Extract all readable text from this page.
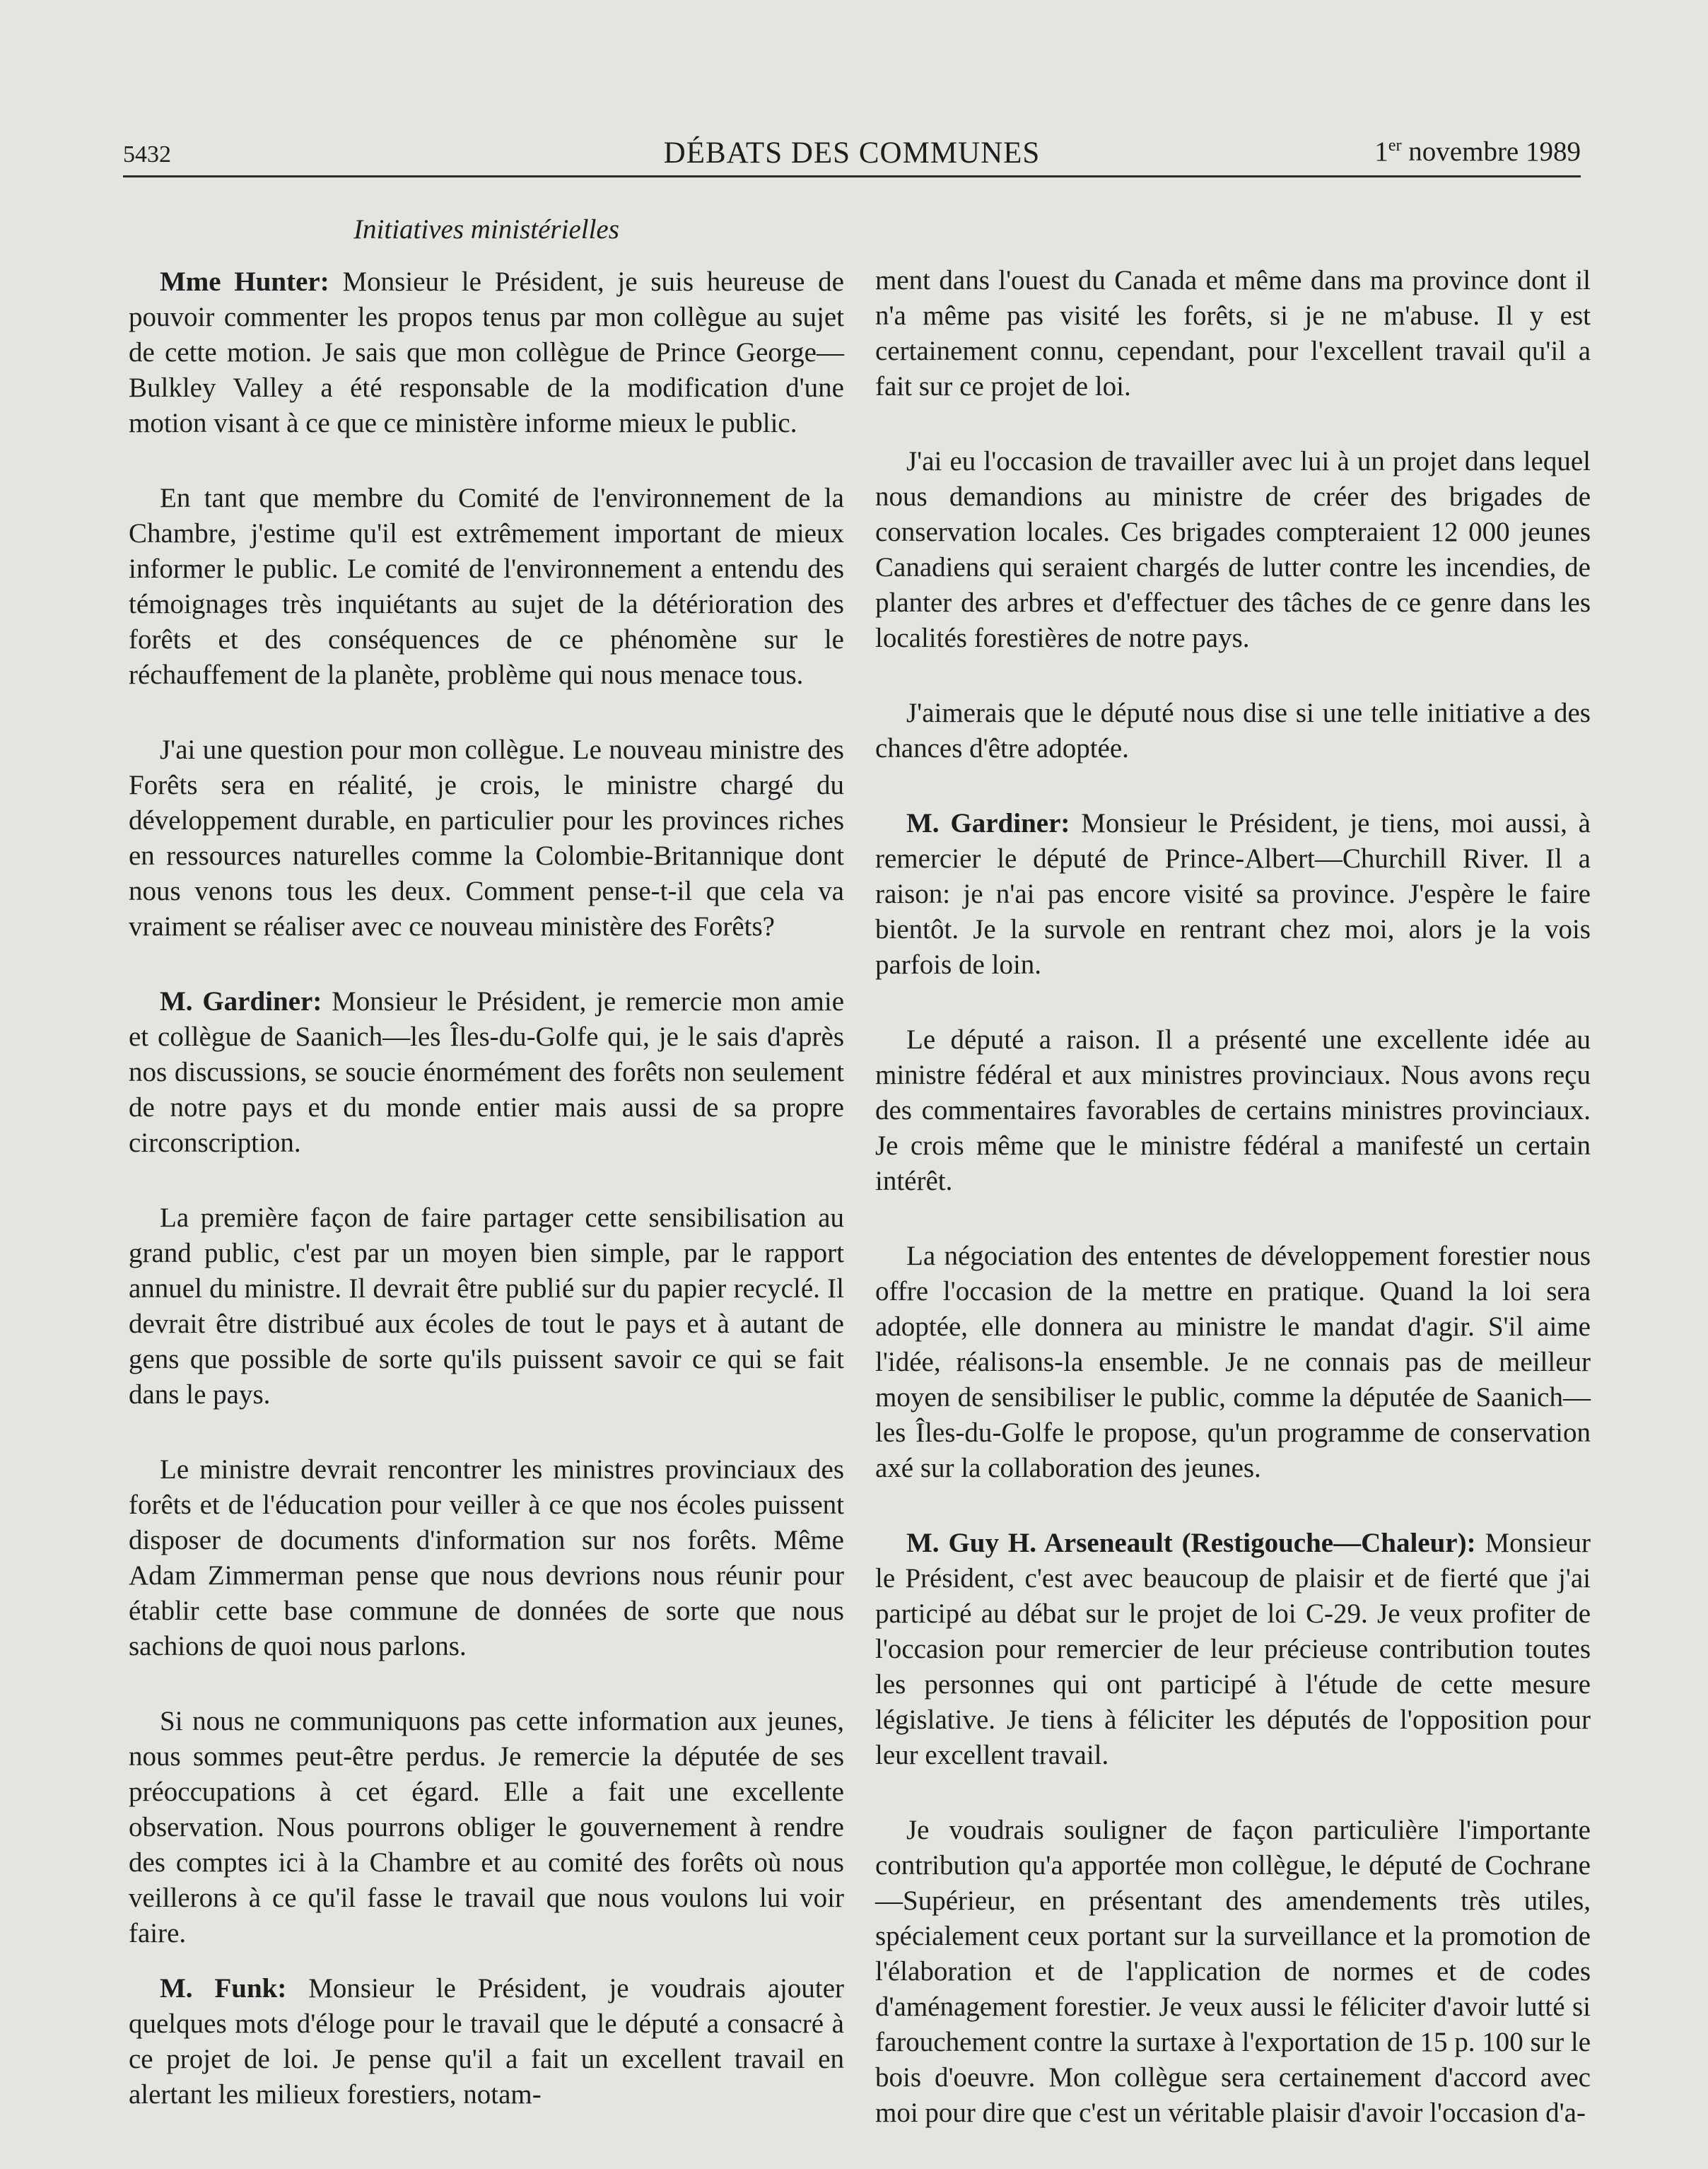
5432	DÉBATS DES COMMUNES	1er novembre 1989
Initiatives ministérielles

Mme Hunter: Monsieur le Président, je suis heureuse de pouvoir commenter les propos tenus par mon collègue au sujet de cette motion. Je sais que mon collègue de Prince George—Bulkley Valley a été responsable de la modification d'une motion visant à ce que ce ministère informe mieux le public.

En tant que membre du Comité de l'environnement de la Chambre, j'estime qu'il est extrêmement important de mieux informer le public. Le comité de l'environnement a entendu des témoignages très inquiétants au sujet de la détérioration des forêts et des conséquences de ce phénomène sur le réchauffement de la planète, problème qui nous menace tous.

J'ai une question pour mon collègue. Le nouveau ministre des Forêts sera en réalité, je crois, le ministre chargé du développement durable, en particulier pour les provinces riches en ressources naturelles comme la Colombie-Britannique dont nous venons tous les deux. Comment pense-t-il que cela va vraiment se réaliser avec ce nouveau ministère des Forêts?

M. Gardiner: Monsieur le Président, je remercie mon amie et collègue de Saanich—les Îles-du-Golfe qui, je le sais d'après nos discussions, se soucie énormément des forêts non seulement de notre pays et du monde entier mais aussi de sa propre circonscription.

La première façon de faire partager cette sensibilisation au grand public, c'est par un moyen bien simple, par le rapport annuel du ministre. Il devrait être publié sur du papier recyclé. Il devrait être distribué aux écoles de tout le pays et à autant de gens que possible de sorte qu'ils puissent savoir ce qui se fait dans le pays.

Le ministre devrait rencontrer les ministres provinciaux des forêts et de l'éducation pour veiller à ce que nos écoles puissent disposer de documents d'information sur nos forêts. Même Adam Zimmerman pense que nous devrions nous réunir pour établir cette base commune de données de sorte que nous sachions de quoi nous parlons.

Si nous ne communiquons pas cette information aux jeunes, nous sommes peut-être perdus. Je remercie la députée de ses préoccupations à cet égard. Elle a fait une excellente observation. Nous pourrons obliger le gouvernement à rendre des comptes ici à la Chambre et au comité des forêts où nous veillerons à ce qu'il fasse le travail que nous voulons lui voir faire.

M. Funk: Monsieur le Président, je voudrais ajouter quelques mots d'éloge pour le travail que le député a consacré à ce projet de loi. Je pense qu'il a fait un excellent travail en alertant les milieux forestiers, notam-

ment dans l'ouest du Canada et même dans ma province dont il n'a même pas visité les forêts, si je ne m'abuse. Il y est certainement connu, cependant, pour l'excellent travail qu'il a fait sur ce projet de loi.

J'ai eu l'occasion de travailler avec lui à un projet dans lequel nous demandions au ministre de créer des brigades de conservation locales. Ces brigades compteraient 12 000 jeunes Canadiens qui seraient chargés de lutter contre les incendies, de planter des arbres et d'effectuer des tâches de ce genre dans les localités forestières de notre pays.

J'aimerais que le député nous dise si une telle initiative a des chances d'être adoptée.

M. Gardiner: Monsieur le Président, je tiens, moi aussi, à remercier le député de Prince-Albert—Churchill River. Il a raison: je n'ai pas encore visité sa province. J'espère le faire bientôt. Je la survole en rentrant chez moi, alors je la vois parfois de loin.

Le député a raison. Il a présenté une excellente idée au ministre fédéral et aux ministres provinciaux. Nous avons reçu des commentaires favorables de certains ministres provinciaux. Je crois même que le ministre fédéral a manifesté un certain intérêt.

La négociation des ententes de développement forestier nous offre l'occasion de la mettre en pratique. Quand la loi sera adoptée, elle donnera au ministre le mandat d'agir. S'il aime l'idée, réalisons-la ensemble. Je ne connais pas de meilleur moyen de sensibiliser le public, comme la députée de Saanich—les Îles-du-Golfe le propose, qu'un programme de conservation axé sur la collaboration des jeunes.

M. Guy H. Arseneault (Restigouche—Chaleur): Monsieur le Président, c'est avec beaucoup de plaisir et de fierté que j'ai participé au débat sur le projet de loi C-29. Je veux profiter de l'occasion pour remercier de leur précieuse contribution toutes les personnes qui ont participé à l'étude de cette mesure législative. Je tiens à féliciter les députés de l'opposition pour leur excellent travail.

Je voudrais souligner de façon particulière l'importante contribution qu'a apportée mon collègue, le député de Cochrane—Supérieur, en présentant des amendements très utiles, spécialement ceux portant sur la surveillance et la promotion de l'élaboration et de l'application de normes et de codes d'aménagement forestier. Je veux aussi le féliciter d'avoir lutté si farouchement contre la surtaxe à l'exportation de 15 p. 100 sur le bois d'oeuvre. Mon collègue sera certainement d'accord avec moi pour dire que c'est un véritable plaisir d'avoir l'occasion d'a-
